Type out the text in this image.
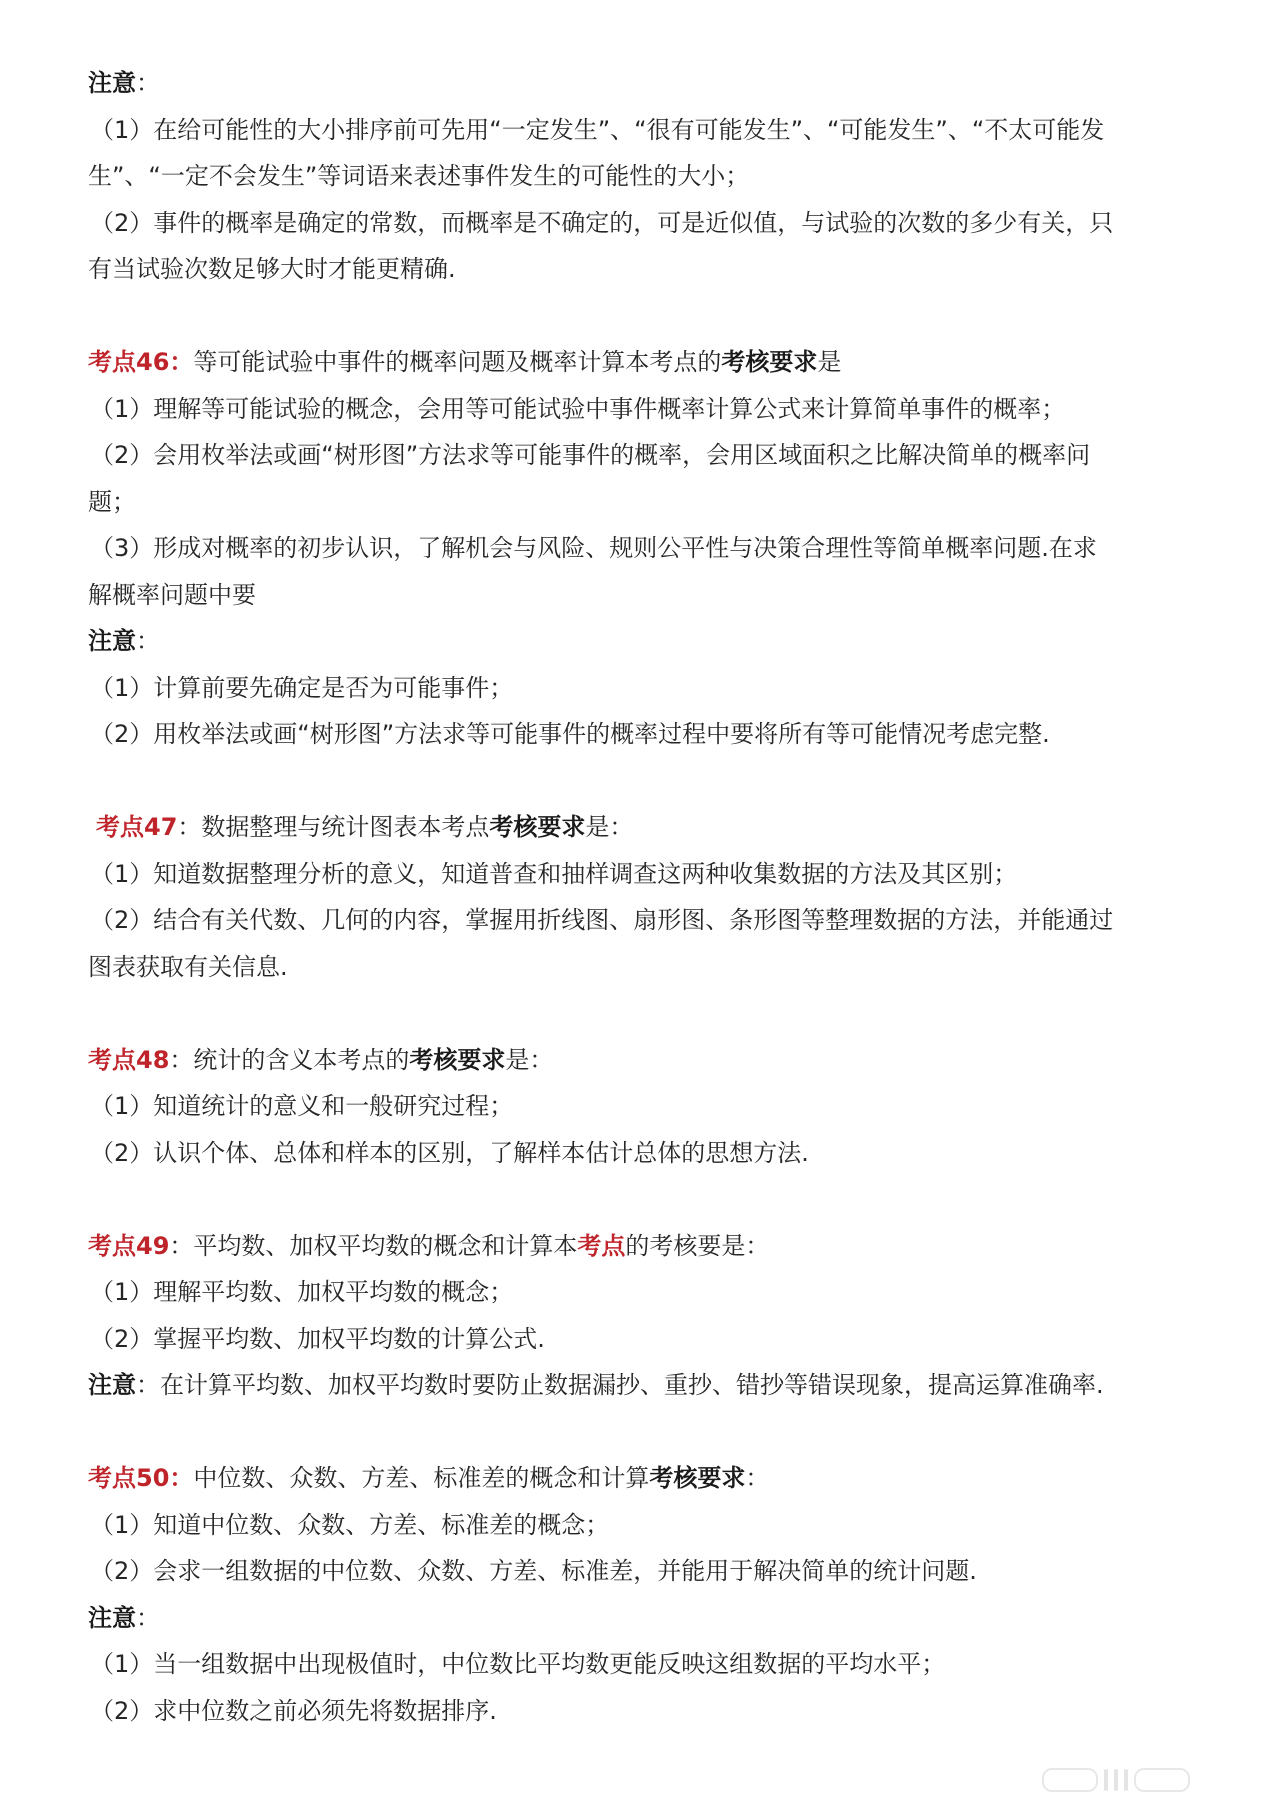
注意：
（1）在给可能性的大小排序前可先用“一定发生”、“很有可能发生”、“可能发生”、“不太可能发
生”、“一定不会发生”等词语来表述事件发生的可能性的大小；
（2）事件的概率是确定的常数，而概率是不确定的，可是近似值，与试验的次数的多少有关，只
有当试验次数足够大时才能更精确.
考点46：等可能试验中事件的概率问题及概率计算本考点的考核要求是
（1）理解等可能试验的概念，会用等可能试验中事件概率计算公式来计算简单事件的概率；
（2）会用枚举法或画“树形图”方法求等可能事件的概率，会用区域面积之比解决简单的概率问
题；
（3）形成对概率的初步认识，了解机会与风险、规则公平性与决策合理性等简单概率问题.在求
解概率问题中要
注意：
（1）计算前要先确定是否为可能事件；
（2）用枚举法或画“树形图”方法求等可能事件的概率过程中要将所有等可能情况考虑完整.
考点47：数据整理与统计图表本考点考核要求是：
（1）知道数据整理分析的意义，知道普查和抽样调查这两种收集数据的方法及其区别；
（2）结合有关代数、几何的内容，掌握用折线图、扇形图、条形图等整理数据的方法，并能通过
图表获取有关信息.
考点48：统计的含义本考点的考核要求是：
（1）知道统计的意义和一般研究过程；
（2）认识个体、总体和样本的区别，了解样本估计总体的思想方法.
考点49：平均数、加权平均数的概念和计算本考点的考核要是：
（1）理解平均数、加权平均数的概念；
（2）掌握平均数、加权平均数的计算公式.
注意：在计算平均数、加权平均数时要防止数据漏抄、重抄、错抄等错误现象，提高运算准确率.
考点50：中位数、众数、方差、标准差的概念和计算考核要求：
（1）知道中位数、众数、方差、标准差的概念；
（2）会求一组数据的中位数、众数、方差、标准差，并能用于解决简单的统计问题.
注意：
（1）当一组数据中出现极值时，中位数比平均数更能反映这组数据的平均水平；
（2）求中位数之前必须先将数据排序.
